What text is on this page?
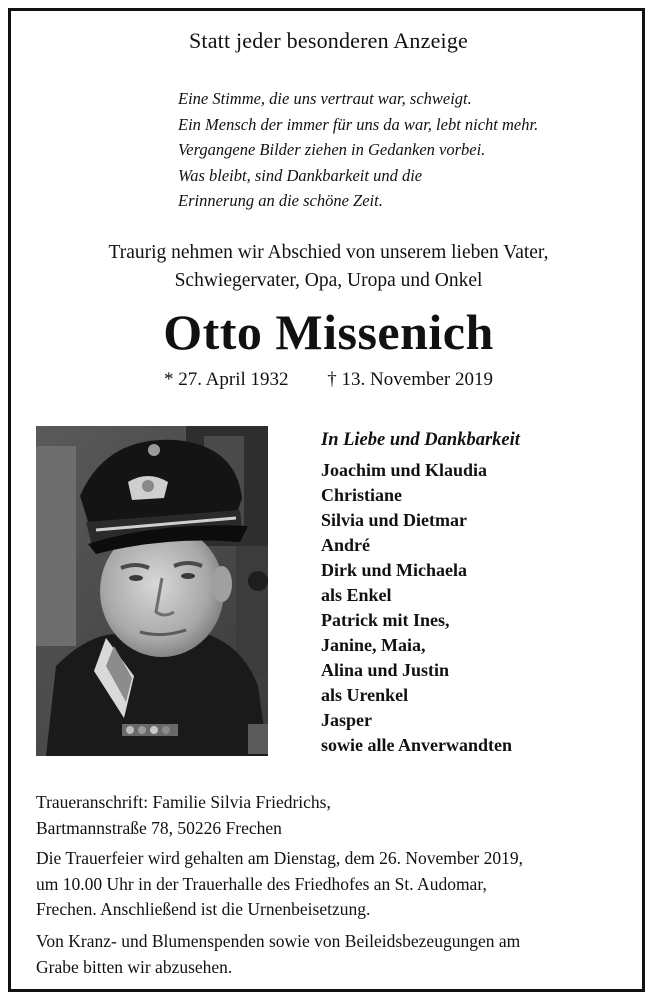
Statt jeder besonderen Anzeige
Eine Stimme, die uns vertraut war, schweigt.
Ein Mensch der immer für uns da war, lebt nicht mehr.
Vergangene Bilder ziehen in Gedanken vorbei.
Was bleibt, sind Dankbarkeit und die
Erinnerung an die schöne Zeit.
Traurig nehmen wir Abschied von unserem lieben Vater,
Schwiegervater, Opa, Uropa und Onkel
Otto Missenich
* 27. April 1932 † 13. November 2019
In Liebe und Dankbarkeit
Joachim und Klaudia
Christiane
Silvia und Dietmar
André
Dirk und Michaela
als Enkel
Patrick mit Ines,
Janine, Maia,
Alina und Justin
als Urenkel
Jasper
sowie alle Anverwandten
Traueranschrift: Familie Silvia Friedrichs,
Bartmannstraße 78, 50226 Frechen
Die Trauerfeier wird gehalten am Dienstag, dem 26. November 2019,
um 10.00 Uhr in der Trauerhalle des Friedhofes an St. Audomar,
Frechen. Anschließend ist die Urnenbeisetzung.
Von Kranz- und Blumenspenden sowie von Beileidsbezeugungen am
Grabe bitten wir abzusehen.
